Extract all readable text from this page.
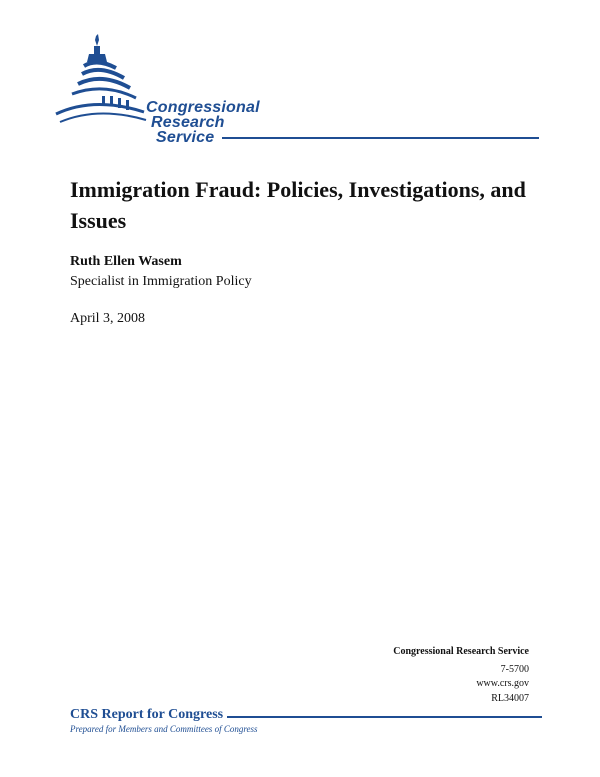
Congressional
Research
Service
Immigration Fraud: Policies, Investigations, and Issues
Ruth Ellen Wasem
Specialist in Immigration Policy
April 3, 2008
Congressional Research Service
7-5700
www.crs.gov
RL34007
CRS Report for Congress
Prepared for Members and Committees of Congress
